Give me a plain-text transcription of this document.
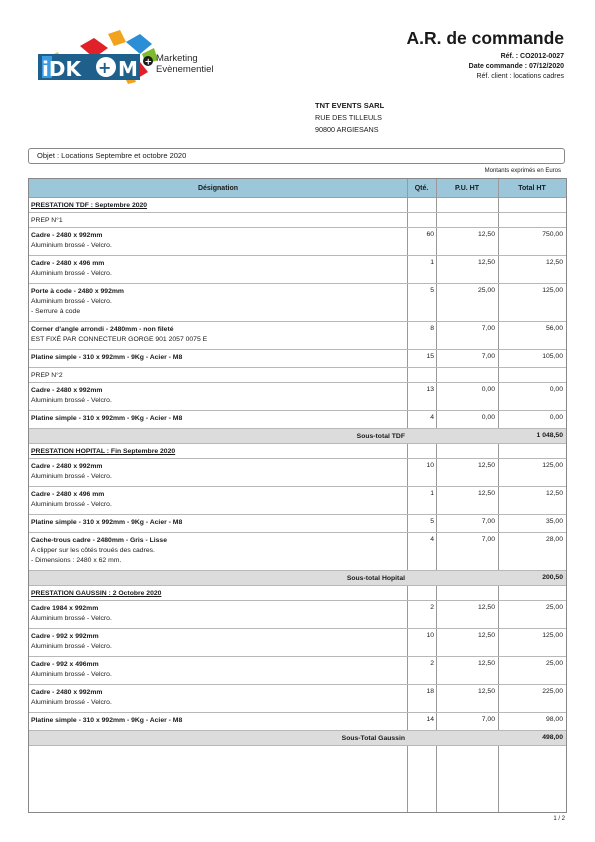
iDK + M + Marketing
Evènementiel
A.R. de commande
Réf. : CO2012-0027
Date commande : 07/12/2020
Réf. client : locations cadres
TNT EVENTS SARL
RUE DES TILLEULS
90800 ARGIESANS
Objet : Locations Septembre et octobre 2020
Montants exprimés en Euros
Désignation	Qté.	P.U. HT	Total HT
PRESTATION TDF : Septembre 2020
PREP N°1
Cadre - 2480 x 992mm
Aluminium brossé - Velcro.
60	12,50	750,00
Cadre - 2480 x 496 mm
Aluminium brossé - Velcro.
1	12,50	12,50
Porte à code - 2480 x 992mm
Aluminium brossé - Velcro.
- Serrure à code
5	25,00	125,00
Corner d'angle arrondi - 2480mm - non fileté
EST FIXÉ PAR CONNECTEUR GORGE 901 2057 0075 E
8	7,00	56,00
Platine simple - 310 x 992mm - 9Kg - Acier - M8	15	7,00	105,00
PREP N°2
Cadre - 2480 x 992mm
Aluminium brossé - Velcro.
13	0,00	0,00
Platine simple - 310 x 992mm - 9Kg - Acier - M8	4	0,00	0,00
Sous-total TDF	1 048,50
PRESTATION HOPITAL : Fin Septembre 2020
Cadre - 2480 x 992mm
Aluminium brossé - Velcro.
10	12,50	125,00
Cadre - 2480 x 496 mm
Aluminium brossé - Velcro.
1	12,50	12,50
Platine simple - 310 x 992mm - 9Kg - Acier - M8	5	7,00	35,00
Cache-trous cadre - 2480mm - Gris - Lisse
A clipper sur les côtés troués des cadres.
- Dimensions : 2480 x 62 mm.
4	7,00	28,00
Sous-total Hopital	200,50
PRESTATION GAUSSIN : 2 Octobre 2020
Cadre 1984 x 992mm
Aluminium brossé - Velcro.
2	12,50	25,00
Cadre - 992 x 992mm
Aluminium brossé - Velcro.
10	12,50	125,00
Cadre - 992 x 496mm
Aluminium brossé - Velcro.
2	12,50	25,00
Cadre - 2480 x 992mm
Aluminium brossé - Velcro.
18	12,50	225,00
Platine simple - 310 x 992mm - 9Kg - Acier - M8	14	7,00	98,00
Sous-Total Gaussin	498,00
1 / 2
